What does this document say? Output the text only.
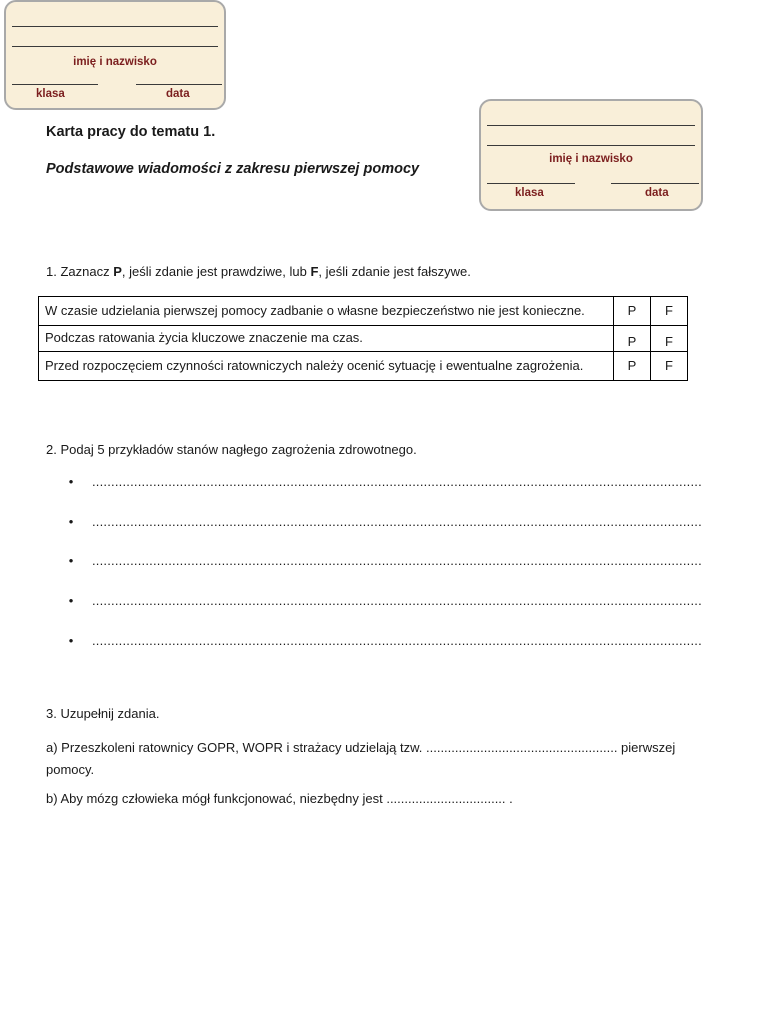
imię i nazwisko
klasa	data
imię i nazwisko
klasa	data
Karta pracy do tematu 1.
Podstawowe wiadomości z zakresu pierwszej pomocy
1. Zaznacz P, jeśli zdanie jest prawdziwe, lub F, jeśli zdanie jest fałszywe.
W czasie udzielania pierwszej pomocy zadbanie o własne bezpieczeństwo nie jest konieczne.	P	F
Podczas ratowania życia kluczowe znaczenie ma czas.	P	F
Przed rozpoczęciem czynności ratowniczych należy ocenić sytuację i ewentualne zagrożenia.	P	F
2. Podaj 5 przykładów stanów nagłego zagrożenia zdrowotnego.
• ................................................................................................................................................................
• ................................................................................................................................................................
• ................................................................................................................................................................
• ................................................................................................................................................................
• ................................................................................................................................................................
3. Uzupełnij zdania.
a) Przeszkoleni ratownicy GOPR, WOPR i strażacy udzielają tzw. ..................................................... pierwszej pomocy.
b) Aby mózg człowieka mógł funkcjonować, niezbędny jest ................................. .
